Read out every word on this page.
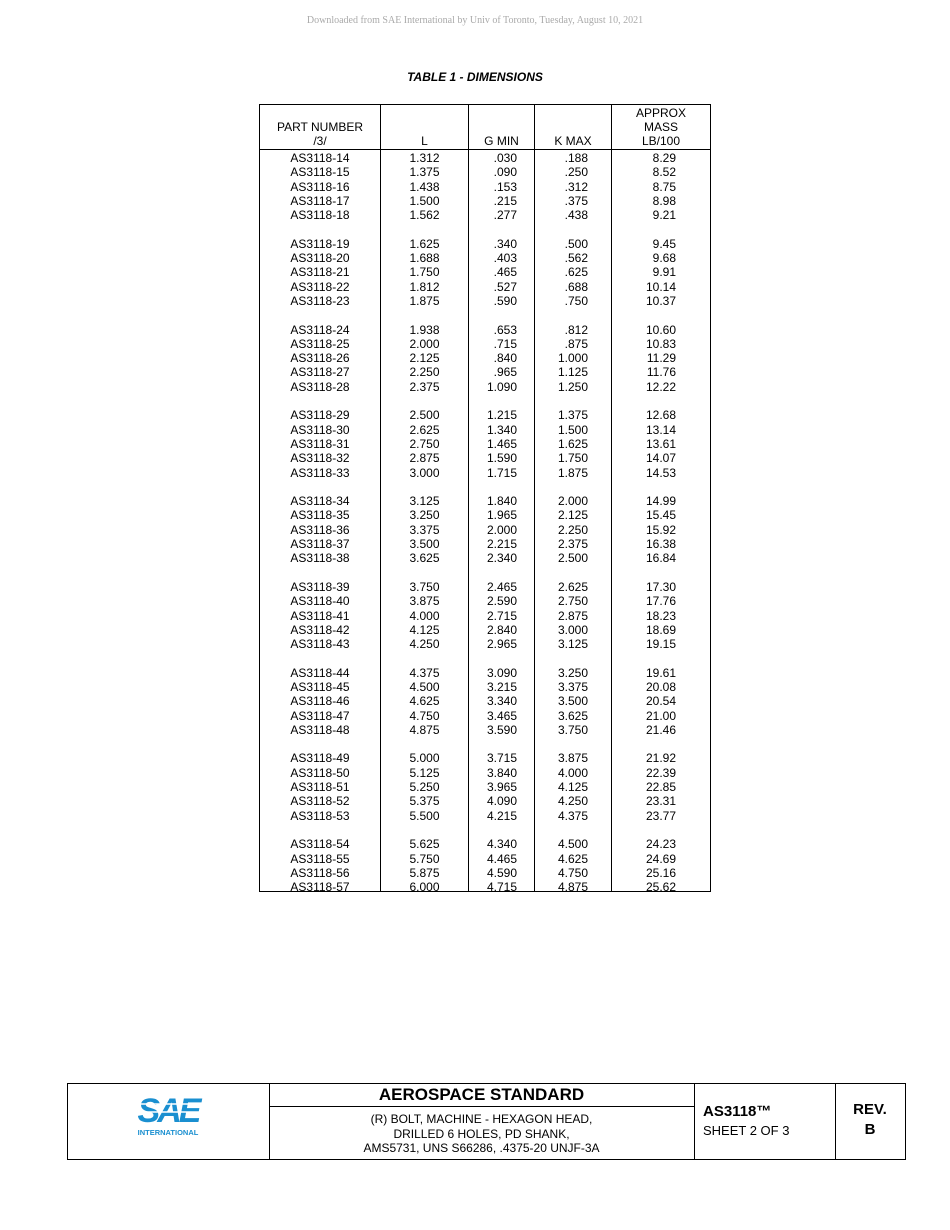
Downloaded from SAE International by Univ of Toronto, Tuesday, August 10, 2021
TABLE 1 - DIMENSIONS
PART NUMBER
/3/
AS3118-14
AS3118-15
AS3118-16
AS3118-17
AS3118-18
AS3118-19
AS3118-20
AS3118-21
AS3118-22
AS3118-23
AS3118-24
AS3118-25
AS3118-26
AS3118-27
AS3118-28
AS3118-29
AS3118-30
AS3118-31
AS3118-32
AS3118-33
AS3118-34
AS3118-35
AS3118-36
AS3118-37
AS3118-38
AS3118-39
AS3118-40
AS3118-41
AS3118-42
AS3118-43
AS3118-44
AS3118-45
AS3118-46
AS3118-47
AS3118-48
AS3118-49
AS3118-50
AS3118-51
AS3118-52
AS3118-53
AS3118-54
AS3118-55
AS3118-56
AS3118-57
L
1.312
1.375
1.438
1.500
1.562
1.625
1.688
1.750
1.812
1.875
1.938
2.000
2.125
2.250
2.375
2.500
2.625
2.750
2.875
3.000
3.125
3.250
3.375
3.500
3.625
3.750
3.875
4.000
4.125
4.250
4.375
4.500
4.625
4.750
4.875
5.000
5.125
5.250
5.375
5.500
5.625
5.750
5.875
6.000
G MIN
.030
.090
.153
.215
.277
.340
.403
.465
.527
.590
.653
.715
.840
.965
1.090
1.215
1.340
1.465
1.590
1.715
1.840
1.965
2.000
2.215
2.340
2.465
2.590
2.715
2.840
2.965
3.090
3.215
3.340
3.465
3.590
3.715
3.840
3.965
4.090
4.215
4.340
4.465
4.590
4.715
K MAX
.188
.250
.312
.375
.438
.500
.562
.625
.688
.750
.812
.875
1.000
1.125
1.250
1.375
1.500
1.625
1.750
1.875
2.000
2.125
2.250
2.375
2.500
2.625
2.750
2.875
3.000
3.125
3.250
3.375
3.500
3.625
3.750
3.875
4.000
4.125
4.250
4.375
4.500
4.625
4.750
4.875
APPROX
MASS
LB/100
8.29
8.52
8.75
8.98
9.21
9.45
9.68
9.91
10.14
10.37
10.60
10.83
11.29
11.76
12.22
12.68
13.14
13.61
14.07
14.53
14.99
15.45
15.92
16.38
16.84
17.30
17.76
18.23
18.69
19.15
19.61
20.08
20.54
21.00
21.46
21.92
22.39
22.85
23.31
23.77
24.23
24.69
25.16
25.62
SAE
INTERNATIONAL
AEROSPACE STANDARD
(R) BOLT, MACHINE - HEXAGON HEAD,
DRILLED 6 HOLES, PD SHANK,
AMS5731, UNS S66286, .4375-20 UNJF-3A
AS3118™
SHEET 2 OF 3
REV.
B
